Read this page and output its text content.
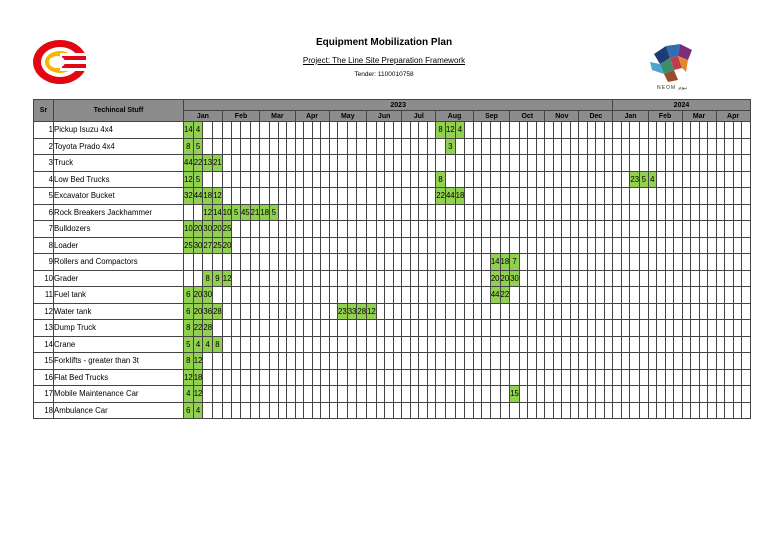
Equipment Mobilization Plan
Project: The Line Site Preparation Framework
Tender: 1100010758
NEOM نيوم
Sr	Techincal Stuff	2023	2024
Jan	Feb	Mar	Apr	May	Jun	Jul	Aug	Sep	Oct	Nov	Dec	Jan	Feb	Mar	Apr
1	Pickup Isuzu 4x4	14	4																											8	12	4																																	
2	Toyota Prado 4x4	8	5																												3																																		
3	Truck	44	22	13	21																																																												
4	Low Bed Trucks	12	5																											8																						23	5	4											
5	Excavator Bucket	32	44	18	12																									22	44	18																																	
6	Rock Breakers Jackhammer			12	14	10	5	45	21	18	5																																																						
7	Bulldozers	10	20	30	20	25																																																											
8	Loader	25	30	27	25	20																																																											
9	Rollers and Compactors																																			14	18	7																											
10	Grader			8	9	12																														20	20	30																											
11	Fuel tank	6	20	30																																44	22																												
12	Water tank	6	20	36	28														23	33	28	12																																											
13	Dump Truck	8	22	28																																																													
14	Crane	5	4	4	8																																																												
15	Forklifts - greater than 3t	8	12																																																														
16	Flat Bed Trucks	12	18																																																														
17	Mobile Maintenance Car	4	12																																			15																											
18	Ambulance Car	6	4																																																														
